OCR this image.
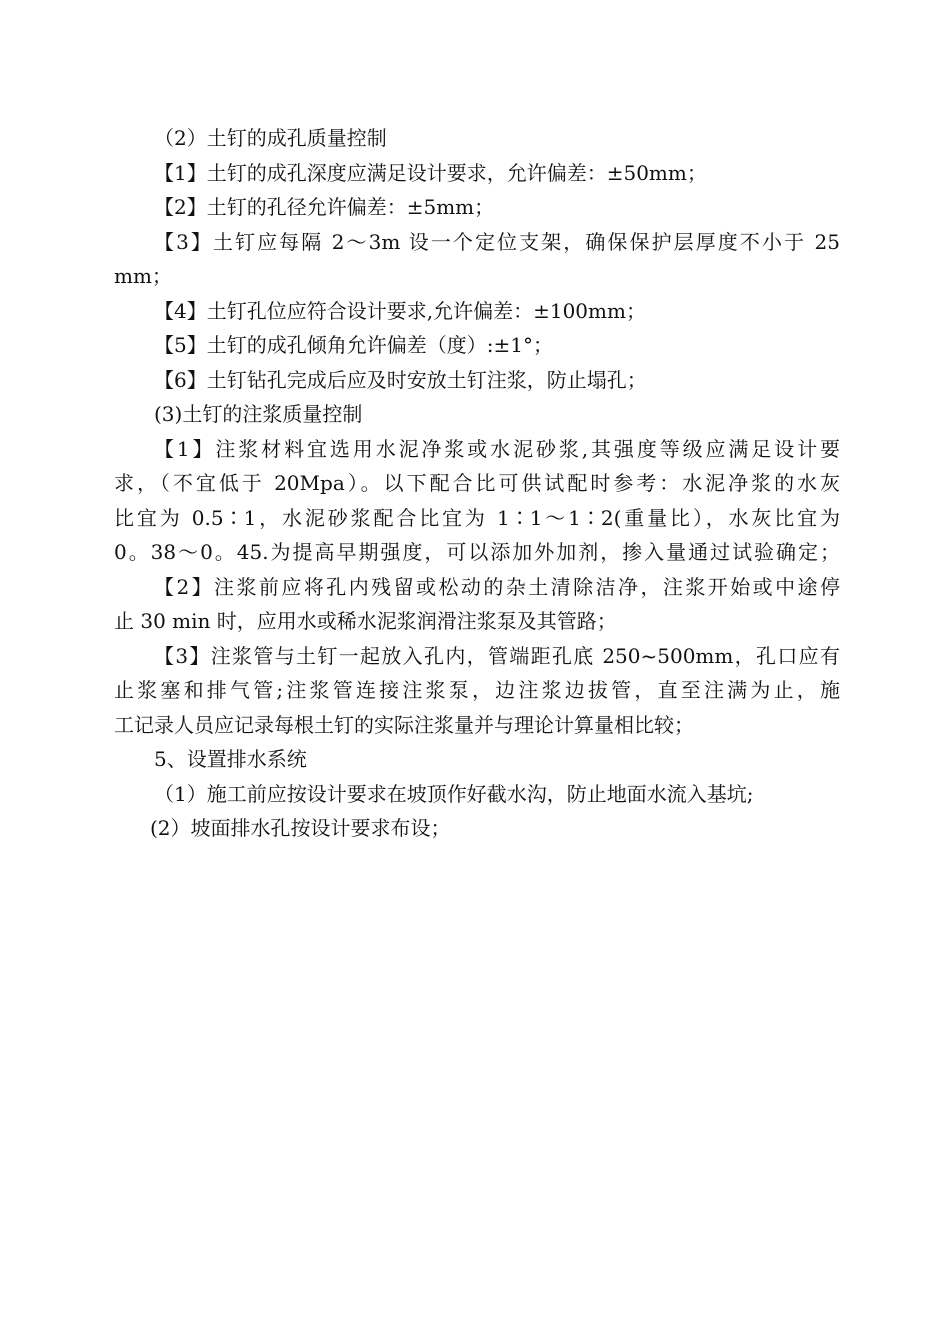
（2）土钉的成孔质量控制
【1】土钉的成孔深度应满足设计要求，允许偏差：±50mm；
【2】土钉的孔径允许偏差：±5mm；
【3】土钉应每隔 2～3m 设一个定位支架，确保保护层厚度不小于 25
mm；
【4】土钉孔位应符合设计要求,允许偏差：±100mm；
【5】土钉的成孔倾角允许偏差（度）:±1°；
【6】土钉钻孔完成后应及时安放土钉注浆，防止塌孔；
(3)土钉的注浆质量控制
【1】注浆材料宜选用水泥净浆或水泥砂浆,其强度等级应满足设计要
求，（不宜低于 20Mpa）。以下配合比可供试配时参考：水泥净浆的水灰
比宜为 0.5∶1，水泥砂浆配合比宜为 1∶1～1∶2(重量比），水灰比宜为
0。38～0。45.为提高早期强度，可以添加外加剂，掺入量通过试验确定；
【2】注浆前应将孔内残留或松动的杂土清除洁净，注浆开始或中途停
止 30 min 时，应用水或稀水泥浆润滑注浆泵及其管路；
【3】注浆管与土钉一起放入孔内，管端距孔底 250~500mm，孔口应有
止浆塞和排气管;注浆管连接注浆泵，边注浆边拔管，直至注满为止，施
工记录人员应记录每根土钉的实际注浆量并与理论计算量相比较；
5、设置排水系统
（1）施工前应按设计要求在坡顶作好截水沟，防止地面水流入基坑;
(2）坡面排水孔按设计要求布设；
